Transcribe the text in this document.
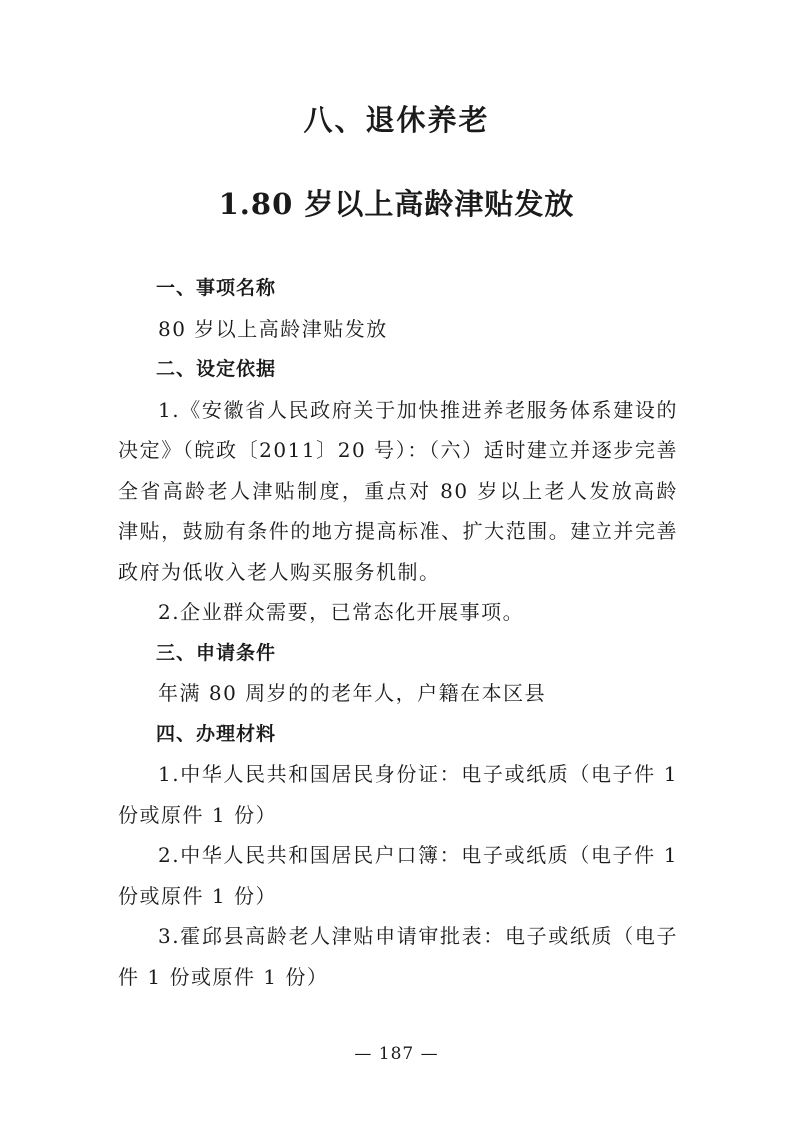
八、退休养老
1.80 岁以上高龄津贴发放

一、事项名称

80 岁以上高龄津贴发放

二、设定依据

1.《安徽省人民政府关于加快推进养老服务体系建设的决定》（皖政〔2011〕20 号）：（六）适时建立并逐步完善全省高龄老人津贴制度，重点对 80 岁以上老人发放高龄津贴，鼓励有条件的地方提高标准、扩大范围。建立并完善政府为低收入老人购买服务机制。

2.企业群众需要，已常态化开展事项。

三、申请条件

年满 80 周岁的的老年人，户籍在本区县

四、办理材料

1.中华人民共和国居民身份证：电子或纸质（电子件 1 份或原件 1 份）

2.中华人民共和国居民户口簿：电子或纸质（电子件 1 份或原件 1 份）

3.霍邱县高龄老人津贴申请审批表：电子或纸质（电子件 1 份或原件 1 份）

— 187 —
